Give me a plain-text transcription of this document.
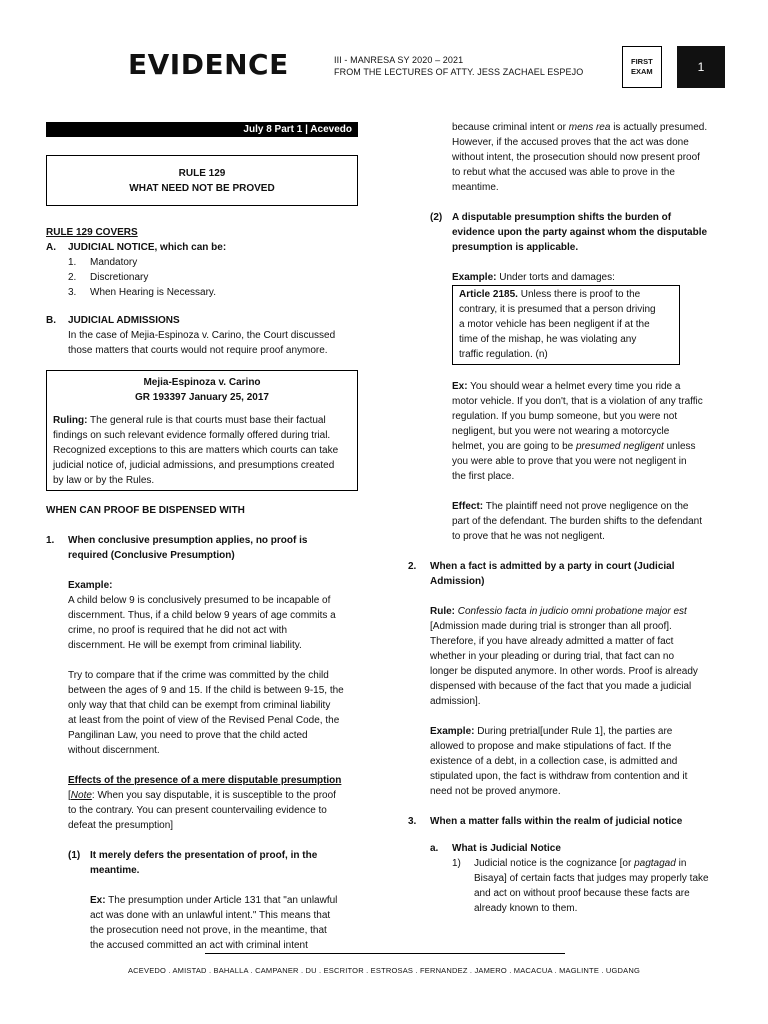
EVIDENCE	III - MANRESA SY 2020 – 2021
FROM THE LECTURES OF ATTY. JESS ZACHAEL ESPEJO
FIRST
EXAM	1
July 8 Part 1 | Acevedo

RULE 129

WHAT NEED NOT BE PROVED

RULE 129 COVERS

A. JUDICIAL NOTICE, which can be:
1. Mandatory
2. Discretionary
3. When Hearing is Necessary.
B. JUDICIAL ADMISSIONS

In the case of Mejia-Espinoza v. Carino, the Court discussed

those matters that courts would not require proof anymore.

Mejia-Espinoza v. Carino

GR 193397 January 25, 2017

Ruling: The general rule is that courts must base their factual

findings on such relevant evidence formally offered during trial.

Recognized exceptions to this are matters which courts can take

judicial notice of, judicial admissions, and presumptions created

by law or by the Rules.

WHEN CAN PROOF BE DISPENSED WITH

1. When conclusive presumption applies, no proof is
required (Conclusive Presumption)

Example:

A child below 9 is conclusively presumed to be incapable of

discernment. Thus, if a child below 9 years of age commits a

crime, no proof is required that he did not act with

discernment. He will be exempt from criminal liability.

Try to compare that if the crime was committed by the child

between the ages of 9 and 15. If the child is between 9-15, the

only way that that child can be exempt from criminal liability

at least from the point of view of the Revised Penal Code, the

Pangilinan Law, you need to prove that the child acted

without discernment.

Effects of the presence of a mere disputable presumption

[Note: When you say disputable, it is susceptible to the proof

to the contrary. You can present countervailing evidence to

defeat the presumption]

(1) It merely defers the presentation of proof, in the
meantime.

Ex: The presumption under Article 131 that "an unlawful

act was done with an unlawful intent." This means that

the prosecution need not prove, in the meantime, that

the accused committed an act with criminal intent

because criminal intent or mens rea is actually presumed.

However, if the accused proves that the act was done

without intent, the prosecution should now present proof

to rebut what the accused was able to prove in the

meantime.

(2) A disputable presumption shifts the burden of
evidence upon the party against whom the disputable
presumption is applicable.

Example: Under torts and damages:

Article 2185. Unless there is proof to the

contrary, it is presumed that a person driving

a motor vehicle has been negligent if at the

time of the mishap, he was violating any

traffic regulation. (n)

Ex: You should wear a helmet every time you ride a

motor vehicle. If you don't, that is a violation of any traffic

regulation. If you bump someone, but you were not

negligent, but you were not wearing a motorcycle

helmet, you are going to be presumed negligent unless

you were able to prove that you were not negligent in

the first place.

Effect: The plaintiff need not prove negligence on the

part of the defendant. The burden shifts to the defendant

to prove that he was not negligent.

2. When a fact is admitted by a party in court (Judicial
Admission)

Rule: Confessio facta in judicio omni probatione major est

[Admission made during trial is stronger than all proof].

Therefore, if you have already admitted a matter of fact

whether in your pleading or during trial, that fact can no

longer be disputed anymore. In other words. Proof is already

dispensed with because of the fact that you made a judicial

admission].

Example: During pretrial[under Rule 1], the parties are

allowed to propose and make stipulations of fact. If the

existence of a debt, in a collection case, is admitted and

stipulated upon, the fact is withdraw from contention and it

need not be proved anymore.

3. When a matter falls within the realm of judicial notice
a. What is Judicial Notice
1) Judicial notice is the cognizance [or pagtagad in

Bisaya] of certain facts that judges may properly take

and act on without proof because these facts are

already known to them.

ACEVEDO . AMISTAD . BAHALLA . CAMPANER . DU . ESCRITOR . ESTROSAS . FERNANDEZ . JAMERO . MACACUA . MAGLINTE . UGDANG
